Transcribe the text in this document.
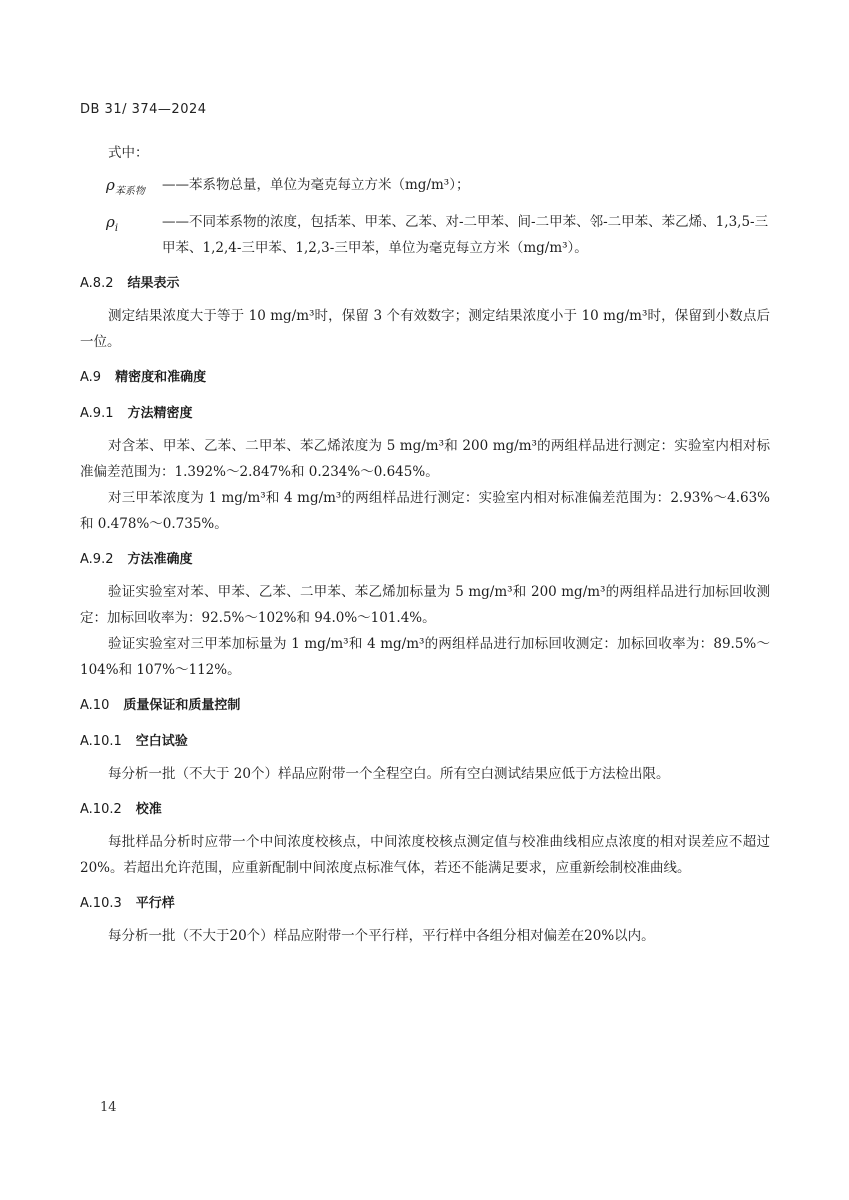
DB 31/ 374—2024

式中：

$\rho_{苯系物}$	——苯系物总量，单位为毫克每立方米（mg/m³）；
$\rho_i$	——不同苯系物的浓度，包括苯、甲苯、乙苯、对-二甲苯、间-二甲苯、邻-二甲苯、苯乙烯、1,3,5-三甲苯、1,2,4-三甲苯、1,2,3-三甲苯，单位为毫克每立方米（mg/m³）。
A.8.2 结果表示

测定结果浓度大于等于 10 mg/m³时，保留 3 个有效数字；测定结果浓度小于 10 mg/m³时，保留到小数点后一位。

A.9 精密度和准确度
A.9.1 方法精密度

对含苯、甲苯、乙苯、二甲苯、苯乙烯浓度为 5 mg/m³和 200 mg/m³的两组样品进行测定：实验室内相对标准偏差范围为：1.392%～2.847%和 0.234%～0.645%。

对三甲苯浓度为 1 mg/m³和 4 mg/m³的两组样品进行测定：实验室内相对标准偏差范围为：2.93%～4.63%和 0.478%～0.735%。

A.9.2 方法准确度

验证实验室对苯、甲苯、乙苯、二甲苯、苯乙烯加标量为 5 mg/m³和 200 mg/m³的两组样品进行加标回收测定：加标回收率为：92.5%～102%和 94.0%～101.4%。

验证实验室对三甲苯加标量为 1 mg/m³和 4 mg/m³的两组样品进行加标回收测定：加标回收率为：89.5%～104%和 107%～112%。

A.10 质量保证和质量控制
A.10.1 空白试验

每分析一批（不大于 20个）样品应附带一个全程空白。所有空白测试结果应低于方法检出限。

A.10.2 校准

每批样品分析时应带一个中间浓度校核点，中间浓度校核点测定值与校准曲线相应点浓度的相对误差应不超过 20%。若超出允许范围，应重新配制中间浓度点标准气体，若还不能满足要求，应重新绘制校准曲线。

A.10.3 平行样

每分析一批（不大于20个）样品应附带一个平行样，平行样中各组分相对偏差在20%以内。

14
